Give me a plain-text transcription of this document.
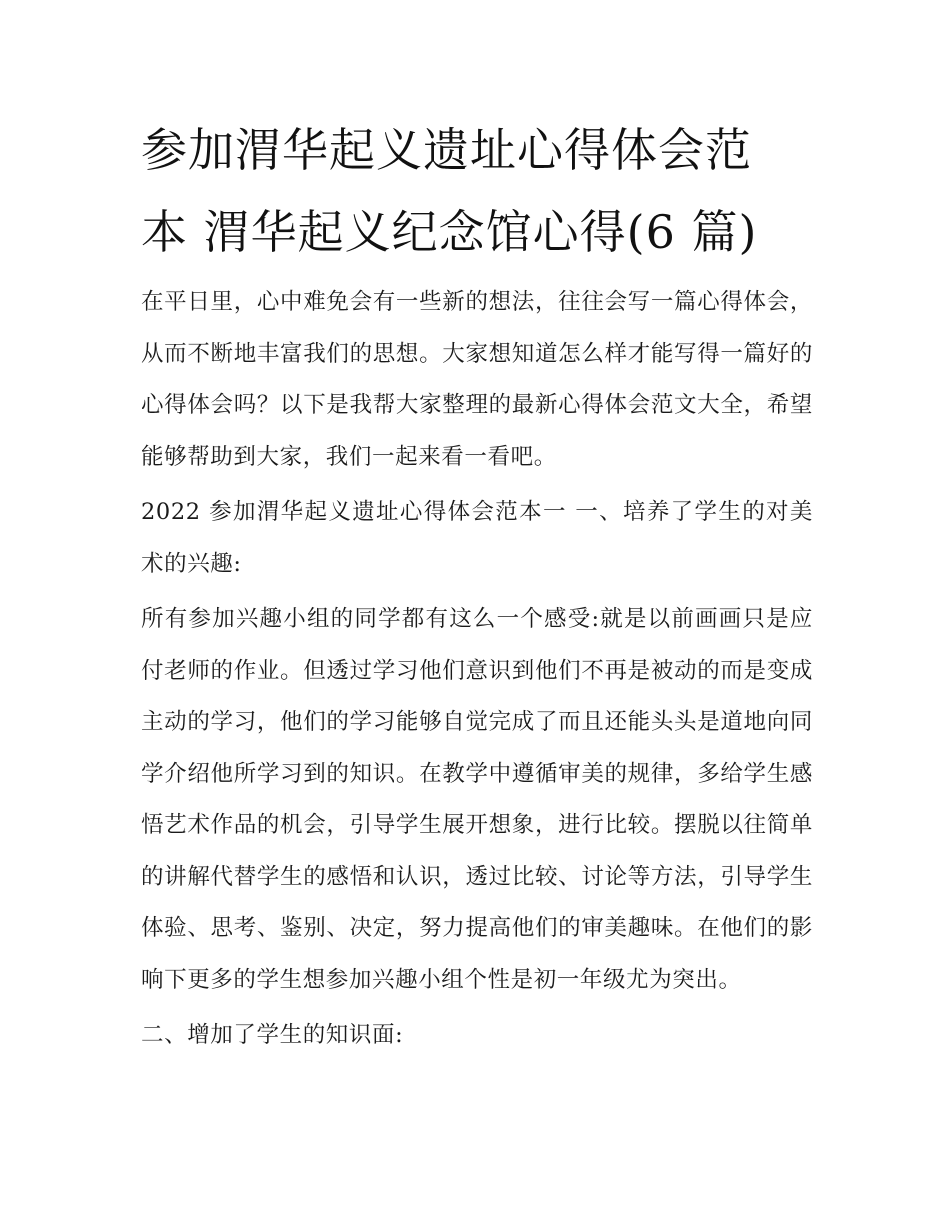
参加渭华起义遗址心得体会范
本 渭华起义纪念馆心得(6 篇)

在平日里，心中难免会有一些新的想法，往往会写一篇心得体会，从而不断地丰富我们的思想。大家想知道怎么样才能写得一篇好的心得体会吗？以下是我帮大家整理的最新心得体会范文大全，希望能够帮助到大家，我们一起来看一看吧。

2022 参加渭华起义遗址心得体会范本一 一、培养了学生的对美术的兴趣:

所有参加兴趣小组的同学都有这么一个感受:就是以前画画只是应付老师的作业。但透过学习他们意识到他们不再是被动的而是变成主动的学习，他们的学习能够自觉完成了而且还能头头是道地向同学介绍他所学习到的知识。在教学中遵循审美的规律，多给学生感悟艺术作品的机会，引导学生展开想象，进行比较。摆脱以往简单的讲解代替学生的感悟和认识，透过比较、讨论等方法，引导学生体验、思考、鉴别、决定，努力提高他们的审美趣味。在他们的影响下更多的学生想参加兴趣小组个性是初一年级尤为突出。

二、增加了学生的知识面:
